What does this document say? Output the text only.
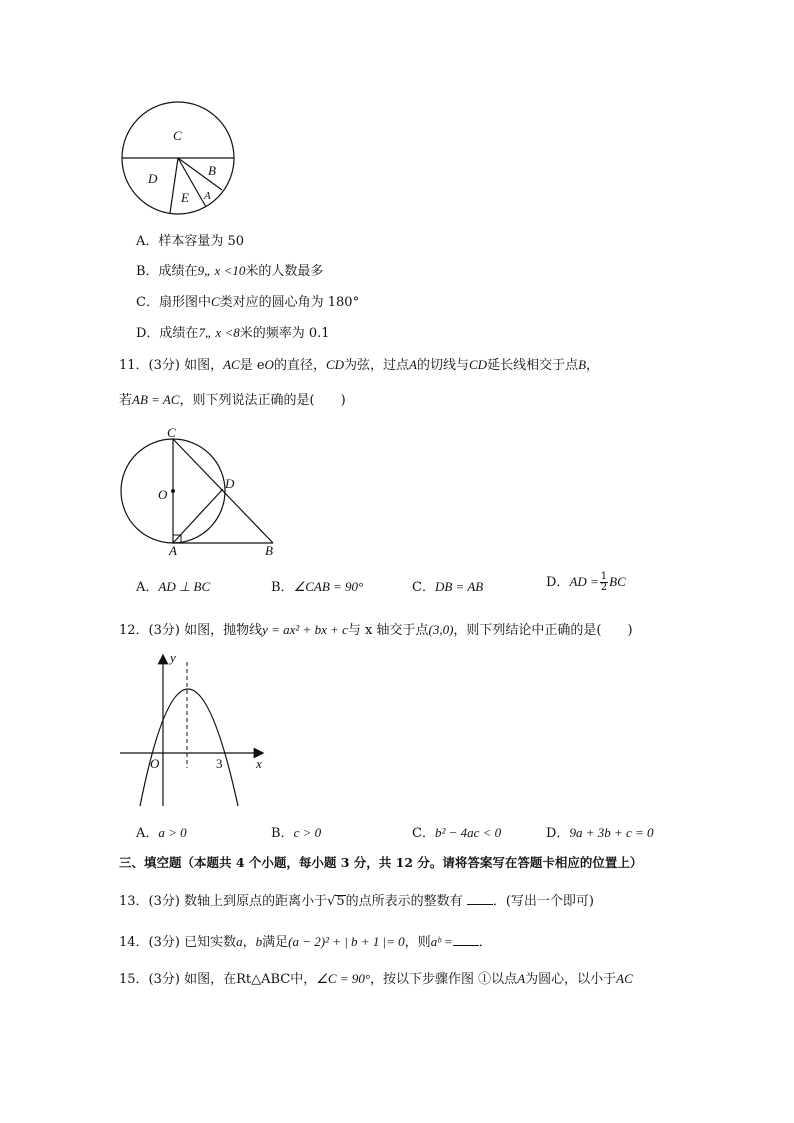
C
D
B
E A
A．样本容量为 50
B．成绩在9„ x <10米的人数最多
C．扇形图中C类对应的圆心角为 180°
D．成绩在7„ x <8米的频率为 0.1
11．(3分) 如图，AC是 eO的直径，CD为弦，过点A的切线与CD延长线相交于点B，
若AB = AC，则下列说法正确的是(　　)
C
O
D
A	B
A．AD ⊥ BC	B．∠CAB = 90°	C．DB = AB	D．AD = $\frac{1}{2}$ BC
12．(3分) 如图，抛物线y = ax² + bx + c与 x 轴交于点(3,0)，则下列结论中正确的是(　　)
y
x
O	3
A．a > 0	B．c > 0	C．b² − 4ac < 0	D．9a + 3b + c = 0
三、填空题（本题共 4 个小题，每小题 3 分，共 12 分。请将答案写在答题卡相应的位置上）
13．(3分) 数轴上到原点的距离小于√5的点所表示的整数有 ．(写出一个即可)
14．(3分) 已知实数a，b满足(a − 2)² + | b + 1 |= 0，则aᵇ = ．
15．(3分) 如图，在Rt△ABC中，∠C = 90°，按以下步骤作图 ①以点A为圆心，以小于AC
